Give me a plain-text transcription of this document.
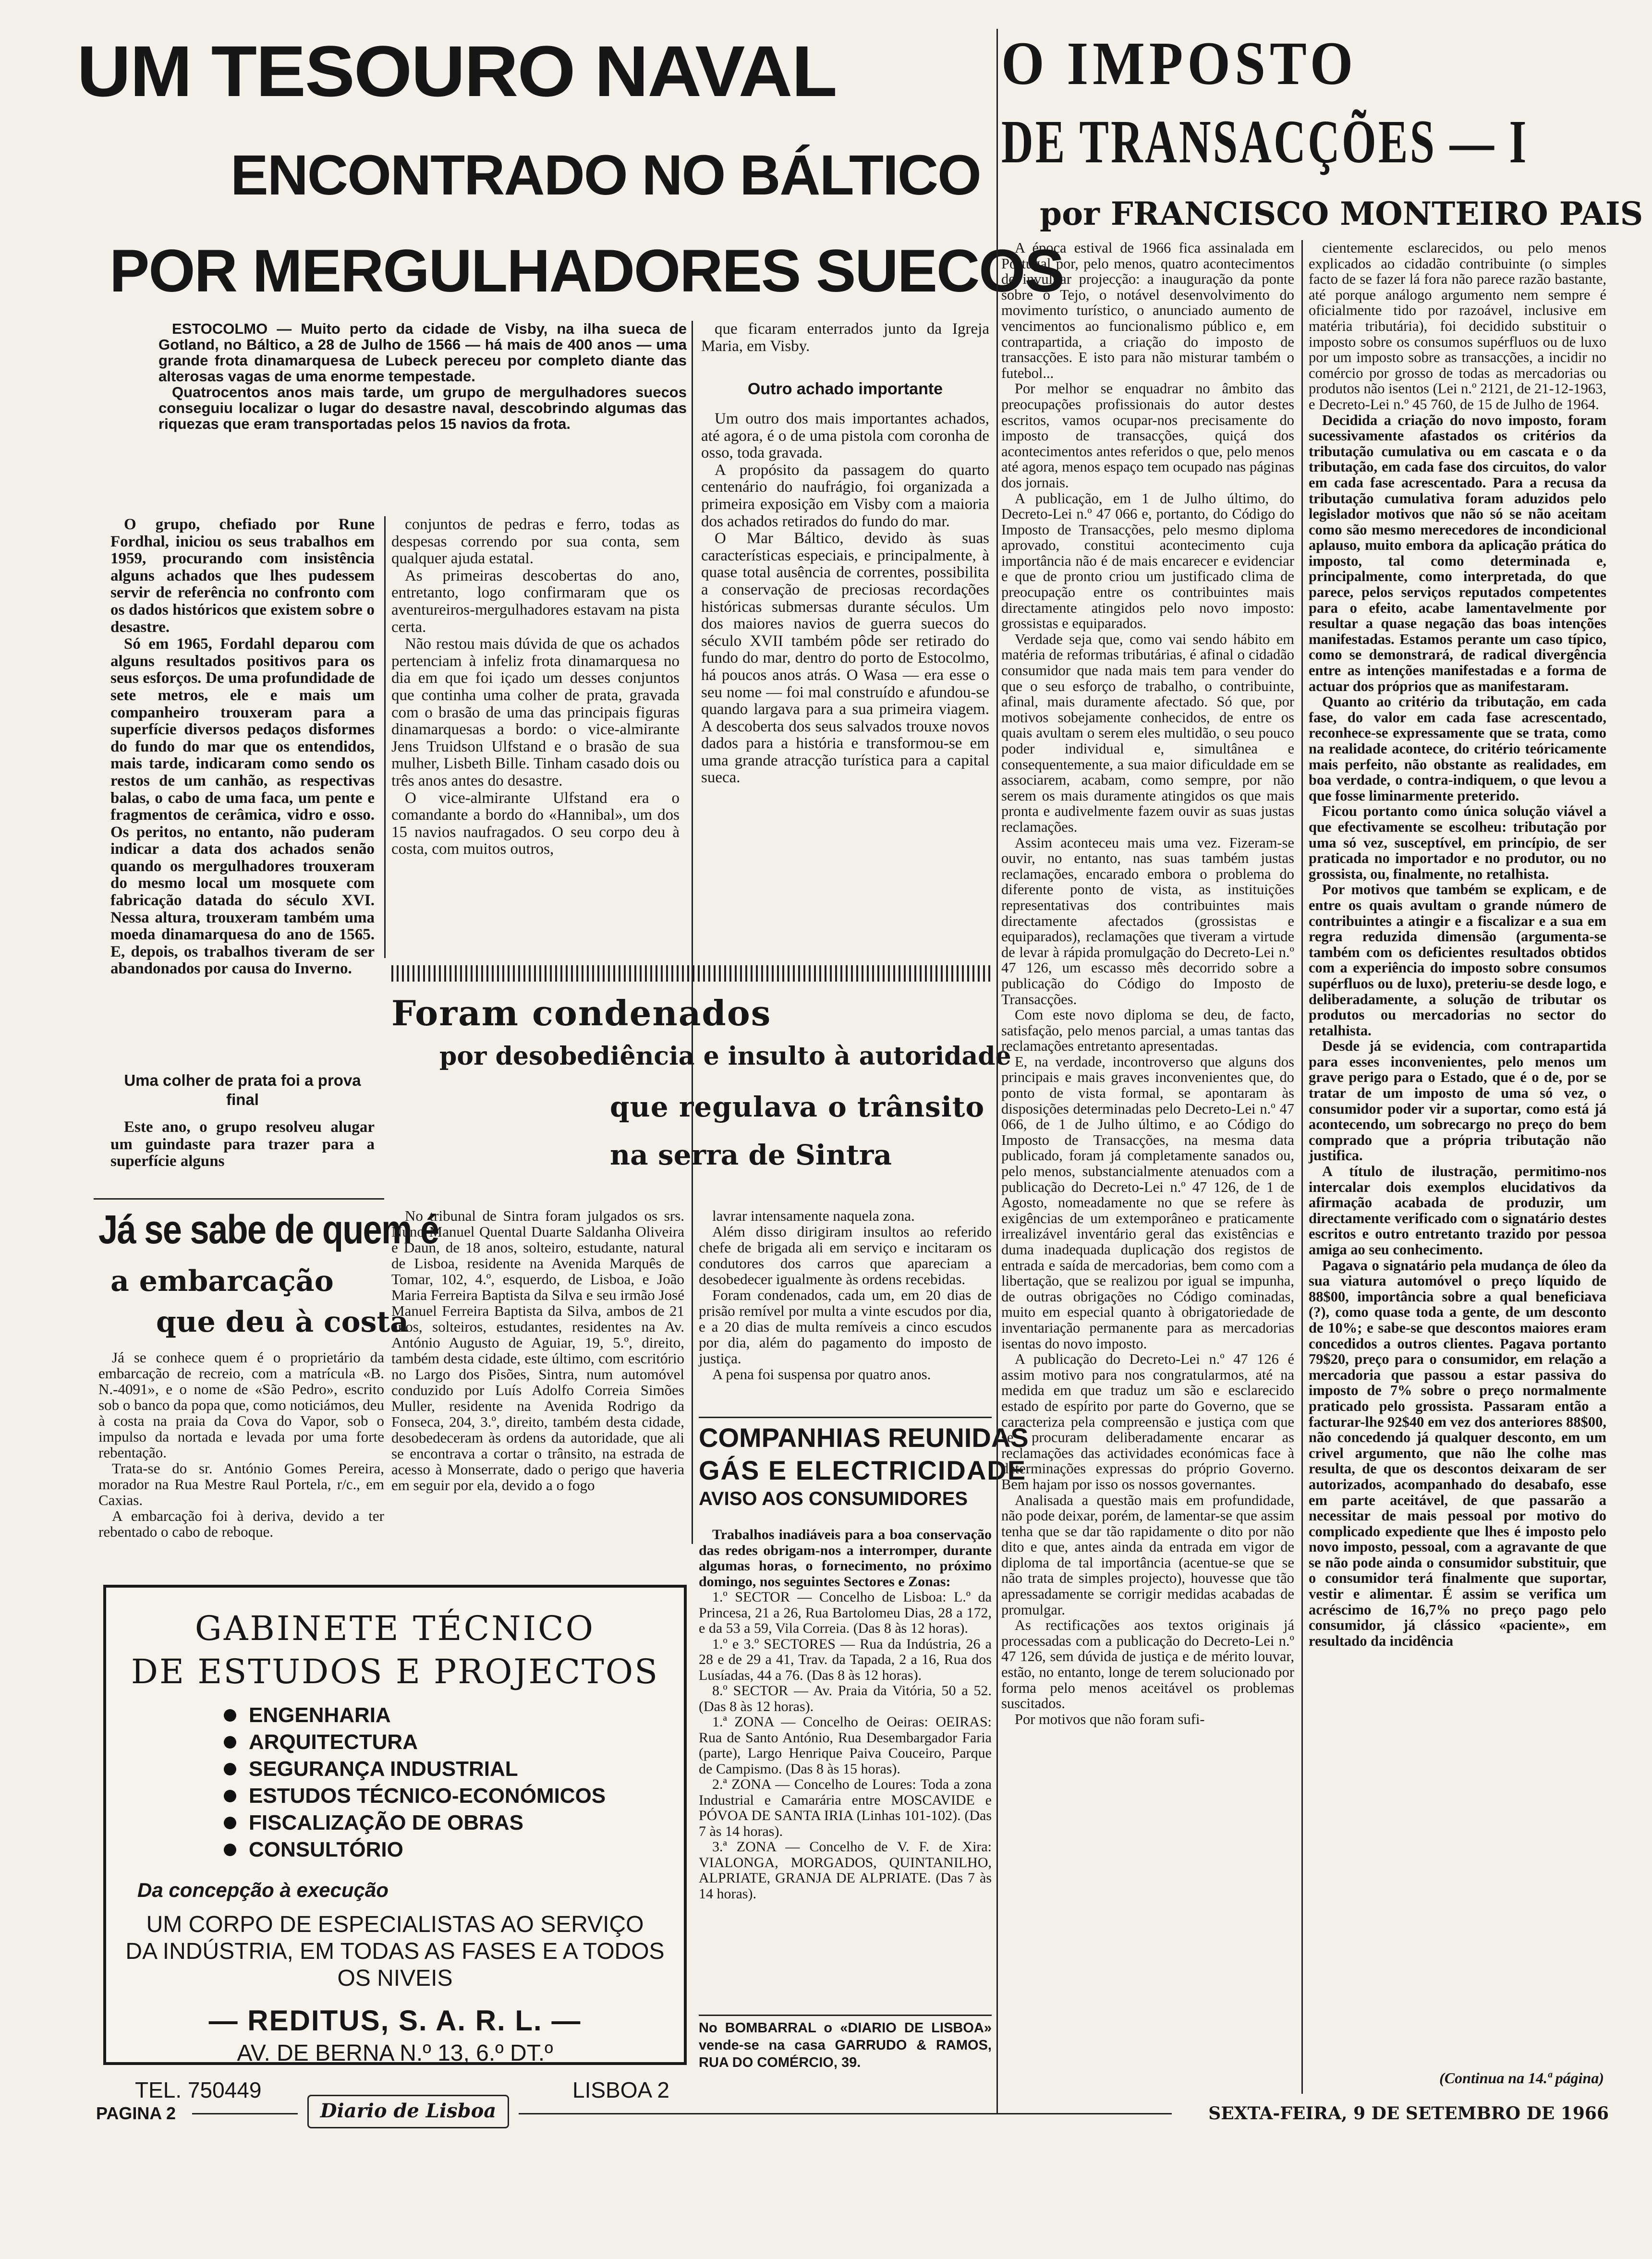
UM TESOURO NAVAL
ENCONTRADO NO BÁLTICO
POR MERGULHADORES SUECOS

ESTOCOLMO — Muito perto da cidade de Visby, na ilha sueca de Gotland, no Báltico, a 28 de Julho de 1566 — há mais de 400 anos — uma grande frota dinamarquesa de Lubeck pereceu por completo diante das alterosas vagas de uma enorme tempestade.

Quatrocentos anos mais tarde, um grupo de mergulhadores suecos conseguiu localizar o lugar do desastre naval, descobrindo algumas das riquezas que eram transportadas pelos 15 navios da frota.

O grupo, chefiado por Rune Fordhal, iniciou os seus trabalhos em 1959, procurando com insistência alguns achados que lhes pudessem servir de referência no confronto com os dados históricos que existem sobre o desastre.

Só em 1965, Fordahl deparou com alguns resultados positivos para os seus esforços. De uma profundidade de sete metros, ele e mais um companheiro trouxeram para a superfície diversos pedaços disformes do fundo do mar que os entendidos, mais tarde, indicaram como sendo os restos de um canhão, as respectivas balas, o cabo de uma faca, um pente e fragmentos de cerâmica, vidro e osso. Os peritos, no entanto, não puderam indicar a data dos achados senão quando os mergulhadores trouxeram do mesmo local um mosquete com fabricação datada do século XVI. Nessa altura, trouxeram também uma moeda dinamarquesa do ano de 1565. E, depois, os trabalhos tiveram de ser abandonados por causa do Inverno.

Uma colher de prata foi a prova final

Este ano, o grupo resolveu alugar um guindaste para trazer para a superfície alguns

conjuntos de pedras e ferro, todas as despesas correndo por sua conta, sem qualquer ajuda estatal.

As primeiras descobertas do ano, entretanto, logo confirmaram que os aventureiros-mergulhadores estavam na pista certa.

Não restou mais dúvida de que os achados pertenciam à infeliz frota dinamarquesa no dia em que foi içado um desses conjuntos que continha uma colher de prata, gravada com o brasão de uma das principais figuras dinamarquesas a bordo: o vice-almirante Jens Truidson Ulfstand e o brasão de sua mulher, Lisbeth Bille. Tinham casado dois ou três anos antes do desastre.

O vice-almirante Ulfstand era o comandante a bordo do «Hannibal», um dos 15 navios naufragados. O seu corpo deu à costa, com muitos outros,

que ficaram enterrados junto da Igreja Maria, em Visby.

Outro achado importante

Um outro dos mais importantes achados, até agora, é o de uma pistola com coronha de osso, toda gravada.

A propósito da passagem do quarto centenário do naufrágio, foi organizada a primeira exposição em Visby com a maioria dos achados retirados do fundo do mar.

O Mar Báltico, devido às suas características especiais, e principalmente, à quase total ausência de correntes, possibilita a conservação de preciosas recordações históricas submersas durante séculos. Um dos maiores navios de guerra suecos do século XVII também pôde ser retirado do fundo do mar, dentro do porto de Estocolmo, há poucos anos atrás. O Wasa — era esse o seu nome — foi mal construído e afundou-se quando largava para a sua primeira viagem. A descoberta dos seus salvados trouxe novos dados para a história e transformou-se em uma grande atracção turística para a capital sueca.

Foram condenados
por desobediência e insulto à autoridade
que regulava o trânsito
na serra de Sintra

No tribunal de Sintra foram julgados os srs. Nuno Manuel Quental Duarte Saldanha Oliveira e Daun, de 18 anos, solteiro, estudante, natural de Lisboa, residente na Avenida Marquês de Tomar, 102, 4.º, esquerdo, de Lisboa, e João Maria Ferreira Baptista da Silva e seu irmão José Manuel Ferreira Baptista da Silva, ambos de 21 anos, solteiros, estudantes, residentes na Av. António Augusto de Aguiar, 19, 5.º, direito, também desta cidade, este último, com escritório no Largo dos Pisões, Sintra, num automóvel conduzido por Luís Adolfo Correia Simões Muller, residente na Avenida Rodrigo da Fonseca, 204, 3.º, direito, também desta cidade, desobedeceram às ordens da autoridade, que ali se encontrava a cortar o trânsito, na estrada de acesso à Monserrate, dado o perigo que haveria em seguir por ela, devido a o fogo

lavrar intensamente naquela zona.

Além disso dirigiram insultos ao referido chefe de brigada ali em serviço e incitaram os condutores dos carros que apareciam a desobedecer igualmente às ordens recebidas.

Foram condenados, cada um, em 20 dias de prisão remível por multa a vinte escudos por dia, e a 20 dias de multa remíveis a cinco escudos por dia, além do pagamento do imposto de justiça.

A pena foi suspensa por quatro anos.

COMPANHIAS REUNIDAS
GÁS E ELECTRICIDADE
AVISO AOS CONSUMIDORES

Trabalhos inadiáveis para a boa conservação das redes obrigam-nos a interromper, durante algumas horas, o fornecimento, no próximo domingo, nos seguintes Sectores e Zonas:

1.º SECTOR — Concelho de Lisboa: L.º da Princesa, 21 a 26, Rua Bartolomeu Dias, 28 a 172, e da 53 a 59, Vila Correia. (Das 8 às 12 horas).

1.º e 3.º SECTORES — Rua da Indústria, 26 a 28 e de 29 a 41, Trav. da Tapada, 2 a 16, Rua dos Lusíadas, 44 a 76. (Das 8 às 12 horas).

8.º SECTOR — Av. Praia da Vitória, 50 a 52. (Das 8 às 12 horas).

1.ª ZONA — Concelho de Oeiras: OEIRAS: Rua de Santo António, Rua Desembargador Faria (parte), Largo Henrique Paiva Couceiro, Parque de Campismo. (Das 8 às 15 horas).

2.ª ZONA — Concelho de Loures: Toda a zona Industrial e Camarária entre MOSCAVIDE e PÓVOA DE SANTA IRIA (Linhas 101-102). (Das 7 às 14 horas).

3.ª ZONA — Concelho de V. F. de Xira: VIALONGA, MORGADOS, QUINTANILHO, ALPRIATE, GRANJA DE ALPRIATE. (Das 7 às 14 horas).

No BOMBARRAL o «DIARIO DE LISBOA» vende-se na casa GARRUDO & RAMOS, RUA DO COMÉRCIO, 39.

Já se sabe de quem é
a embarcação
que deu à costa

Já se conhece quem é o proprietário da embarcação de recreio, com a matrícula «B. N.-4091», e o nome de «São Pedro», escrito sob o banco da popa que, como noticiámos, deu à costa na praia da Cova do Vapor, sob o impulso da nortada e levada por uma forte rebentação.

Trata-se do sr. António Gomes Pereira, morador na Rua Mestre Raul Portela, r/c., em Caxias.

A embarcação foi à deriva, devido a ter rebentado o cabo de reboque.

GABINETE TÉCNICO
DE ESTUDOS E PROJECTOS
ENGENHARIA
ARQUITECTURA
SEGURANÇA INDUSTRIAL
ESTUDOS TÉCNICO-ECONÓMICOS
FISCALIZAÇÃO DE OBRAS
CONSULTÓRIO
Da concepção à execução
UM CORPO DE ESPECIALISTAS AO SERVIÇO
DA INDÚSTRIA, EM TODAS AS FASES E A TODOS
OS NIVEIS
— REDITUS, S. A. R. L. —
AV. DE BERNA N.º 13, 6.º DT.º
TEL. 750449	LISBOA 2
O IMPOSTO
DE TRANSACÇÕES — I
por FRANCISCO MONTEIRO PAIS

A época estival de 1966 fica assinalada em Portugal por, pelo menos, quatro acontecimentos de invulgar projecção: a inauguração da ponte sobre o Tejo, o notável desenvolvimento do movimento turístico, o anunciado aumento de vencimentos ao funcionalismo público e, em contrapartida, a criação do imposto de transacções. E isto para não misturar também o futebol...

Por melhor se enquadrar no âmbito das preocupações profissionais do autor destes escritos, vamos ocupar-nos precisamente do imposto de transacções, quiçá dos acontecimentos antes referidos o que, pelo menos até agora, menos espaço tem ocupado nas páginas dos jornais.

A publicação, em 1 de Julho último, do Decreto-Lei n.º 47 066 e, portanto, do Código do Imposto de Transacções, pelo mesmo diploma aprovado, constitui acontecimento cuja importância não é de mais encarecer e evidenciar e que de pronto criou um justificado clima de preocupação entre os contribuintes mais directamente atingidos pelo novo imposto: grossistas e equiparados.

Verdade seja que, como vai sendo hábito em matéria de reformas tributárias, é afinal o cidadão consumidor que nada mais tem para vender do que o seu esforço de trabalho, o contribuinte, afinal, mais duramente afectado. Só que, por motivos sobejamente conhecidos, de entre os quais avultam o serem eles multidão, o seu pouco poder individual e, simultânea e consequentemente, a sua maior dificuldade em se associarem, acabam, como sempre, por não serem os mais duramente atingidos os que mais pronta e audivelmente fazem ouvir as suas justas reclamações.

Assim aconteceu mais uma vez. Fizeram-se ouvir, no entanto, nas suas também justas reclamações, encarado embora o problema do diferente ponto de vista, as instituições representativas dos contribuintes mais directamente afectados (grossistas e equiparados), reclamações que tiveram a virtude de levar à rápida promulgação do Decreto-Lei n.º 47 126, um escasso mês decorrido sobre a publicação do Código do Imposto de Transacções.

Com este novo diploma se deu, de facto, satisfação, pelo menos parcial, a umas tantas das reclamações entretanto apresentadas.

E, na verdade, incontroverso que alguns dos principais e mais graves inconvenientes que, do ponto de vista formal, se apontaram às disposições determinadas pelo Decreto-Lei n.º 47 066, de 1 de Julho último, e ao Código do Imposto de Transacções, na mesma data publicado, foram já completamente sanados ou, pelo menos, substancialmente atenuados com a publicação do Decreto-Lei n.º 47 126, de 1 de Agosto, nomeadamente no que se refere às exigências de um extemporâneo e praticamente irrealizável inventário geral das existências e duma inadequada duplicação dos registos de entrada e saída de mercadorias, bem como com a libertação, que se realizou por igual se impunha, de outras obrigações no Código cominadas, muito em especial quanto à obrigatoriedade de inventariação permanente para as mercadorias isentas do novo imposto.

A publicação do Decreto-Lei n.º 47 126 é assim motivo para nos congratularmos, até na medida em que traduz um são e esclarecido estado de espírito por parte do Governo, que se caracteriza pela compreensão e justiça com que se procuram deliberadamente encarar as reclamações das actividades económicas face à determinações expressas do próprio Governo. Bem hajam por isso os nossos governantes.

Analisada a questão mais em profundidade, não pode deixar, porém, de lamentar-se que assim tenha que se dar tão rapidamente o dito por não dito e que, antes ainda da entrada em vigor de diploma de tal importância (acentue-se que se não trata de simples projecto), houvesse que tão apressadamente se corrigir medidas acabadas de promulgar.

As rectificações aos textos originais já processadas com a publicação do Decreto-Lei n.º 47 126, sem dúvida de justiça e de mérito louvar, estão, no entanto, longe de terem solucionado por forma pelo menos aceitável os problemas suscitados.

Por motivos que não foram sufi-

cientemente esclarecidos, ou pelo menos explicados ao cidadão contribuinte (o simples facto de se fazer lá fora não parece razão bastante, até porque análogo argumento nem sempre é oficialmente tido por razoável, inclusive em matéria tributária), foi decidido substituir o imposto sobre os consumos supérfluos ou de luxo por um imposto sobre as transacções, a incidir no comércio por grosso de todas as mercadorias ou produtos não isentos (Lei n.º 2121, de 21-12-1963, e Decreto-Lei n.º 45 760, de 15 de Julho de 1964.

Decidida a criação do novo imposto, foram sucessivamente afastados os critérios da tributação cumulativa ou em cascata e o da tributação, em cada fase dos circuitos, do valor em cada fase acrescentado. Para a recusa da tributação cumulativa foram aduzidos pelo legislador motivos que não só se não aceitam como são mesmo merecedores de incondicional aplauso, muito embora da aplicação prática do imposto, tal como determinada e, principalmente, como interpretada, do que parece, pelos serviços reputados competentes para o efeito, acabe lamentavelmente por resultar a quase negação das boas intenções manifestadas. Estamos perante um caso típico, como se demonstrará, de radical divergência entre as intenções manifestadas e a forma de actuar dos próprios que as manifestaram.

Quanto ao critério da tributação, em cada fase, do valor em cada fase acrescentado, reconhece-se expressamente que se trata, como na realidade acontece, do critério teóricamente mais perfeito, não obstante as realidades, em boa verdade, o contra-indiquem, o que levou a que fosse liminarmente preterido.

Ficou portanto como única solução viável a que efectivamente se escolheu: tributação por uma só vez, susceptível, em princípio, de ser praticada no importador e no produtor, ou no grossista, ou, finalmente, no retalhista.

Por motivos que também se explicam, e de entre os quais avultam o grande número de contribuintes a atingir e a fiscalizar e a sua em regra reduzida dimensão (argumenta-se também com os deficientes resultados obtidos com a experiência do imposto sobre consumos supérfluos ou de luxo), preteriu-se desde logo, e deliberadamente, a solução de tributar os produtos ou mercadorias no sector do retalhista.

Desde já se evidencia, com contrapartida para esses inconvenientes, pelo menos um grave perigo para o Estado, que é o de, por se tratar de um imposto de uma só vez, o consumidor poder vir a suportar, como está já acontecendo, um sobrecargo no preço do bem comprado que a própria tributação não justifica.

A título de ilustração, permitimo-nos intercalar dois exemplos elucidativos da afirmação acabada de produzir, um directamente verificado com o signatário destes escritos e outro entretanto trazido por pessoa amiga ao seu conhecimento.

Pagava o signatário pela mudança de óleo da sua viatura automóvel o preço líquido de 88$00, importância sobre a qual beneficiava (?), como quase toda a gente, de um desconto de 10%; e sabe-se que descontos maiores eram concedidos a outros clientes. Pagava portanto 79$20, preço para o consumidor, em relação a mercadoria que passou a estar passiva do imposto de 7% sobre o preço normalmente praticado pelo grossista. Passaram então a facturar-lhe 92$40 em vez dos anteriores 88$00, não concedendo já qualquer desconto, em um crivel argumento, que não lhe colhe mas resulta, de que os descontos deixaram de ser autorizados, acompanhado do desabafo, esse em parte aceitável, de que passarão a necessitar de mais pessoal por motivo do complicado expediente que lhes é imposto pelo novo imposto, pessoal, com a agravante de que se não pode ainda o consumidor substituir, que o consumidor terá finalmente que suportar, vestir e alimentar. É assim se verifica um acréscimo de 16,7% no preço pago pelo consumidor, já clássico «paciente», em resultado da incidência

(Continua na 14.ª página)
PAGINA 2	Diario de Lisboa	SEXTA-FEIRA, 9 DE SETEMBRO DE 1966
